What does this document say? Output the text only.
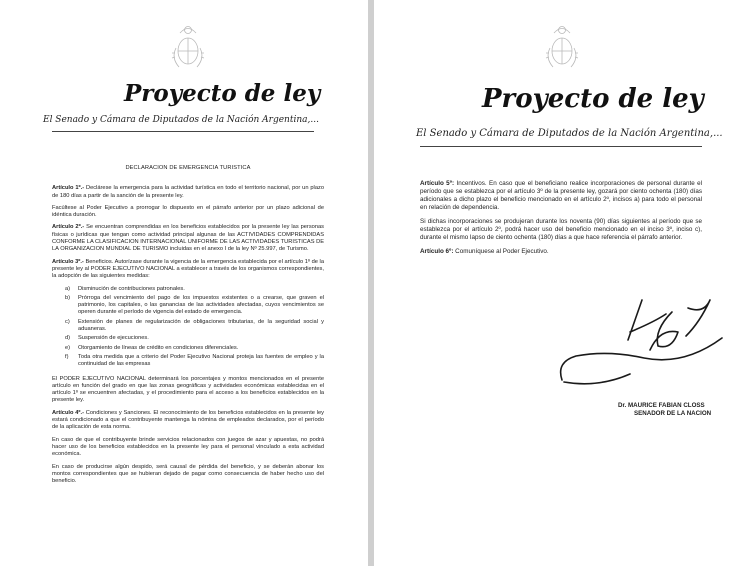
Proyecto de ley

El Senado y Cámara de Diputados de la Nación Argentina,...

DECLARACION DE EMERGENCIA TURISTICA

Artículo 1º.- Declárese la emergencia para la actividad turística en todo el territorio nacional, por un plazo de 180 días a partir de la sanción de la presente ley.

Facúltese al Poder Ejecutivo a prorrogar lo dispuesto en el párrafo anterior por un plazo adicional de idéntica duración.

Artículo 2º.- Se encuentran comprendidas en los beneficios establecidos por la presente ley las personas físicas o jurídicas que tengan como actividad principal algunas de las ACTIVIDADES COMPRENDIDAS CONFORME LA CLASIFICACION INTERNACIONAL UNIFORME DE LAS ACTIVIDADES TURISTICAS DE LA ORGANIZACION MUNDIAL DE TURISMO incluidas en el anexo I de la ley Nº 25.997, de Turismo.

Artículo 3º.- Beneficios. Autorízase durante la vigencia de la emergencia establecida por el artículo 1º de la presente ley al PODER EJECUTIVO NACIONAL a establecer a través de los organismos correspondientes, la adopción de las siguientes medidas:

a) Disminución de contribuciones patronales.
b) Prórroga del vencimiento del pago de los impuestos existentes o a crearse, que graven el patrimonio, los capitales, o las ganancias de las actividades afectadas, cuyos vencimientos se operen durante el período de vigencia del estado de emergencia.
c) Extensión de planes de regularización de obligaciones tributarias, de la seguridad social y aduaneras.
d) Suspensión de ejecuciones.
e) Otorgamiento de líneas de crédito en condiciones diferenciales.
f) Toda otra medida que a criterio del Poder Ejecutivo Nacional proteja las fuentes de empleo y la continuidad de las empresas

El PODER EJECUTIVO NACIONAL determinará los porcentajes y montos mencionados en el presente artículo en función del grado en que las zonas geográficas y actividades económicas establecidas en el artículo 1º se encuentren afectadas, y el procedimiento para el acceso a los beneficios establecidos en la presente ley.

Artículo 4º.- Condiciones y Sanciones. El reconocimiento de los beneficios establecidos en la presente ley estará condicionado a que el contribuyente mantenga la nómina de empleados declarados, por el período de la aplicación de esta norma.

En caso de que el contribuyente brinde servicios relacionados con juegos de azar y apuestas, no podrá hacer uso de los beneficios establecidos en la presente ley para el personal vinculado a esta actividad económica.

En caso de producirse algún despido, será causal de pérdida del beneficio, y se deberán abonar los montos correspondientes que se hubieran dejado de pagar como consecuencia de haber hecho uso del beneficio.

Proyecto de ley

El Senado y Cámara de Diputados de la Nación Argentina,...

Artículo 5º: Incentivos. En caso que el beneficiano realice incorporaciones de personal durante el período que se establezca por el artículo 3º de la presente ley, gozará por ciento ochenta (180) días adicionales a dicho plazo el beneficio mencionado en el artículo 2º, incisos a) para todo el personal en relación de dependencia.

Si dichas incorporaciones se produjeran durante los noventa (90) días siguientes al período que se establezca por el artículo 2º, podrá hacer uso del beneficio mencionado en el inciso 3º, inciso c), durante el mismo lapso de ciento ochenta (180) días a que hace referencia el párrafo anterior.

Artículo 6º: Comuníquese al Poder Ejecutivo.

Dr. MAURICE FABIAN CLOSS

SENADOR DE LA NACION
